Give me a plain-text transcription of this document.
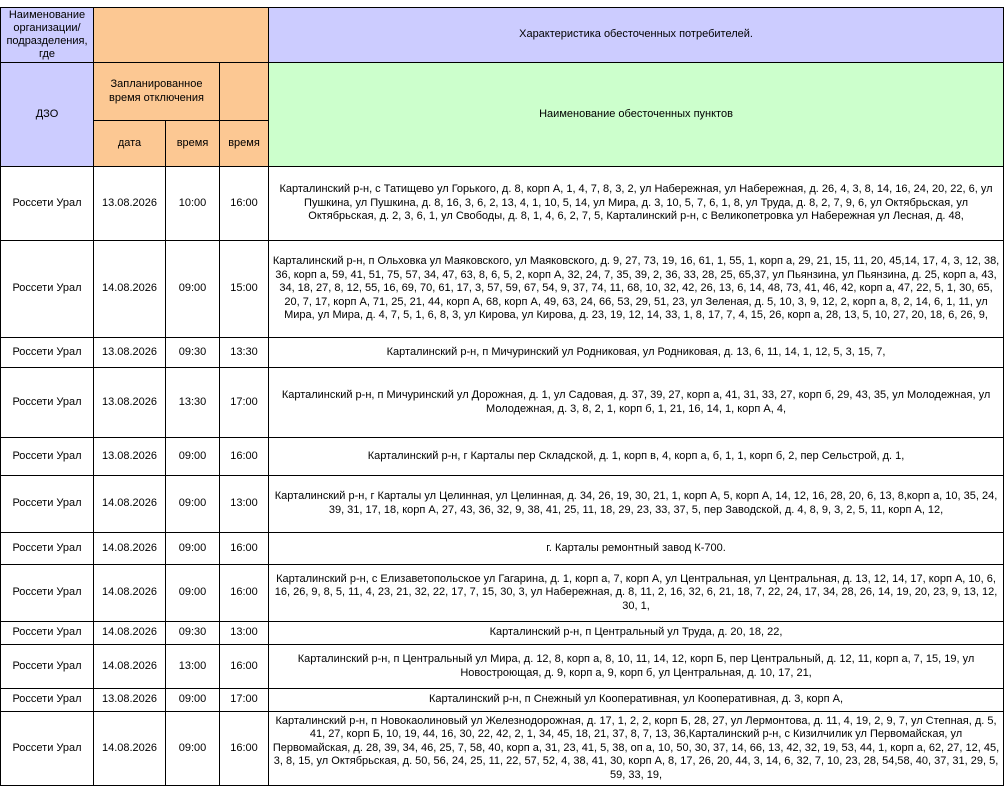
Наименование организации/подразделения, где				Характеристика обесточенных потребителей.
ДЗО	Запланированное время отключения			Наименование обесточенных пунктов
	дата	время	время	
Россети Урал	13.08.2026	10:00	16:00	Карталинский р-н, с Татищево ул Горького, д. 8, корп А, 1, 4, 7, 8, 3, 2, ул Набережная, ул Набережная, д. 26, 4, 3, 8, 14, 16, 24, 20, 22, 6, ул Пушкина, ул Пушкина, д. 8, 16, 3, 6, 2, 13, 4, 1, 10, 5, 14, ул Мира, д. 3, 10, 5, 7, 6, 1, 8, ул Труда, д. 8, 2, 7, 9, 6, ул Октябрьская, ул Октябрьская, д. 2, 3, 6, 1, ул Свободы, д. 8, 1, 4, 6, 2, 7, 5, Карталинский р-н, с Великопетровка ул Набережная ул Лесная, д. 48,
Россети Урал	14.08.2026	09:00	15:00	Карталинский р-н, п Ольховка ул Маяковского, ул Маяковского, д. 9, 27, 73, 19, 16, 61, 1, 55, 1, корп а, 29, 21, 15, 11, 20, 45,14, 17, 4, 3, 12, 38, 36, корп а, 59, 41, 51, 75, 57, 34, 47, 63, 8, 6, 5, 2, корп А, 32, 24, 7, 35, 39, 2, 36, 33, 28, 25, 65,37, ул Пьянзина, ул Пьянзина, д. 25, корп а, 43, 34, 18, 27, 8, 12, 55, 16, 69, 70, 61, 17, 3, 57, 59, 67, 54, 9, 37, 74, 11, 68, 10, 32, 42, 26, 13, 6, 14, 48, 73, 41, 46, 42, корп а, 47, 22, 5, 1, 30, 65, 20, 7, 17, корп А, 71, 25, 21, 44, корп А, 68, корп А, 49, 63, 24, 66, 53, 29, 51, 23, ул Зеленая, д. 5, 10, 3, 9, 12, 2, корп а, 8, 2, 14, 6, 1, 11, ул Мира, ул Мира, д. 4, 7, 5, 1, 6, 8, 3, ул Кирова, ул Кирова, д. 23, 19, 12, 14, 33, 1, 8, 17, 7, 4, 15, 26, корп а, 28, 13, 5, 10, 27, 20, 18, 6, 26, 9,
Россети Урал	13.08.2026	09:30	13:30	Карталинский р-н, п Мичуринский ул Родниковая, ул Родниковая, д. 13, 6, 11, 14, 1, 12, 5, 3, 15, 7,
Россети Урал	13.08.2026	13:30	17:00	Карталинский р-н, п Мичуринский ул Дорожная, д. 1, ул Садовая, д. 37, 39, 27, корп а, 41, 31, 33, 27, корп б, 29, 43, 35, ул Молодежная, ул Молодежная, д. 3, 8, 2, 1, корп б, 1, 21, 16, 14, 1, корп А, 4,
Россети Урал	13.08.2026	09:00	16:00	Карталинский р-н, г Карталы пер Складской, д. 1, корп в, 4, корп а, б, 1, 1, корп б, 2, пер Сельстрой, д. 1,
Россети Урал	14.08.2026	09:00	13:00	Карталинский р-н, г Карталы ул Целинная, ул Целинная, д. 34, 26, 19, 30, 21, 1, корп А, 5, корп А, 14, 12, 16, 28, 20, 6, 13, 8,корп а, 10, 35, 24, 39, 31, 17, 18, корп А, 27, 43, 36, 32, 9, 38, 41, 25, 11, 18, 29, 23, 33, 37, 5, пер Заводской, д. 4, 8, 9, 3, 2, 5, 11, корп А, 12,
Россети Урал	14.08.2026	09:00	16:00	г. Карталы ремонтный завод К-700.
Россети Урал	14.08.2026	09:00	16:00	Карталинский р-н, с Елизаветопольское ул Гагарина, д. 1, корп а, 7, корп А, ул Центральная, ул Центральная, д. 13, 12, 14, 17, корп А, 10, 6, 16, 26, 9, 8, 5, 11, 4, 23, 21, 32, 22, 17, 7, 15, 30, 3, ул Набережная, д. 8, 11, 2, 16, 32, 6, 21, 18, 7, 22, 24, 17, 34, 28, 26, 14, 19, 20, 23, 9, 13, 12, 30, 1,
Россети Урал	14.08.2026	09:30	13:00	Карталинский р-н, п Центральный ул Труда, д. 20, 18, 22,
Россети Урал	14.08.2026	13:00	16:00	Карталинский р-н, п Центральный ул Мира, д. 12, 8, корп а, 8, 10, 11, 14, 12, корп Б, пер Центральный, д. 12, 11, корп а, 7, 15, 19, ул Новостроющая, д. 9, корп а, 9, корп б, ул Центральная, д. 10, 17, 21,
Россети Урал	13.08.2026	09:00	17:00	Карталинский р-н, п Снежный ул Кооперативная, ул Кооперативная, д. 3, корп А,
Россети Урал	14.08.2026	09:00	16:00	Карталинский р-н, п Новокаолиновый ул Железнодорожная, д. 17, 1, 2, 2, корп Б, 28, 27, ул Лермонтова, д. 11, 4, 19, 2, 9, 7, ул Степная, д. 5, 41, 27, корп Б, 10, 19, 44, 16, 30, 22, 42, 2, 1, 34, 45, 18, 21, 37, 8, 7, 13, 36,Карталинский р-н, с Кизилчилик ул Первомайская, ул Первомайская, д. 28, 39, 34, 46, 25, 7, 58, 40, корп а, 31, 23, 41, 5, 38, оп а, 10, 50, 30, 37, 14, 66, 13, 42, 32, 19, 53, 44, 1, корп а, 62, 27, 12, 45, 3, 8, 15, ул Октябрьская, д. 50, 56, 24, 25, 11, 22, 57, 52, 4, 38, 41, 30, корп А, 8, 17, 26, 20, 44, 3, 14, 6, 32, 7, 10, 23, 28, 54,58, 40, 37, 31, 29, 5, 59, 33, 19,
